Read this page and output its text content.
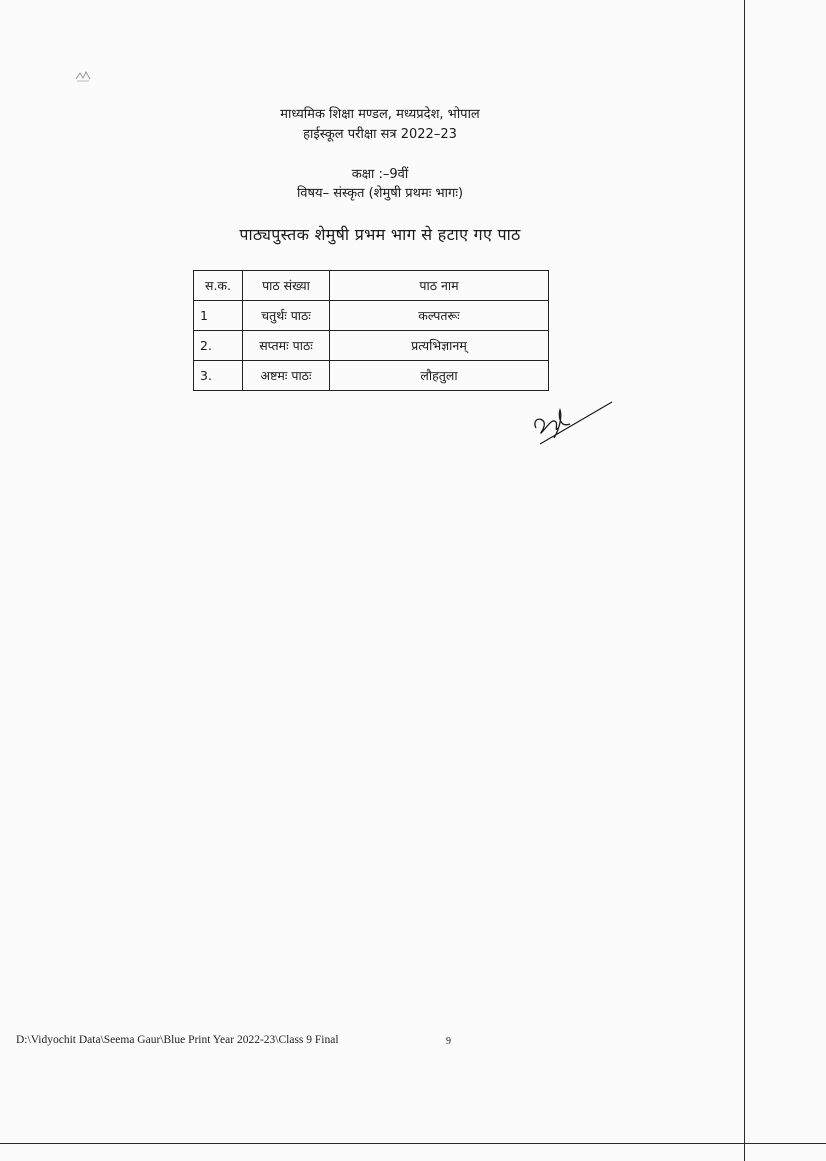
माध्यमिक शिक्षा मण्डल, मध्यप्रदेश, भोपाल
हाईस्कूल परीक्षा सत्र 2022–23
कक्षा :–9वीं
विषय– संस्कृत (शेमुषी प्रथमः भागः)
पाठ्यपुस्तक शेमुषी प्रभम भाग से हटाए गए पाठ
स.क.	पाठ संख्या	पाठ नाम
1	चतुर्थः पाठः	कल्पतरूः
2.	सप्तमः पाठः	प्रत्यभिज्ञानम्
3.	अष्टमः पाठः	लौहतुला
D:\Vidyochit Data\Seema Gaur\Blue Print Year 2022-23\Class 9 Final	9
